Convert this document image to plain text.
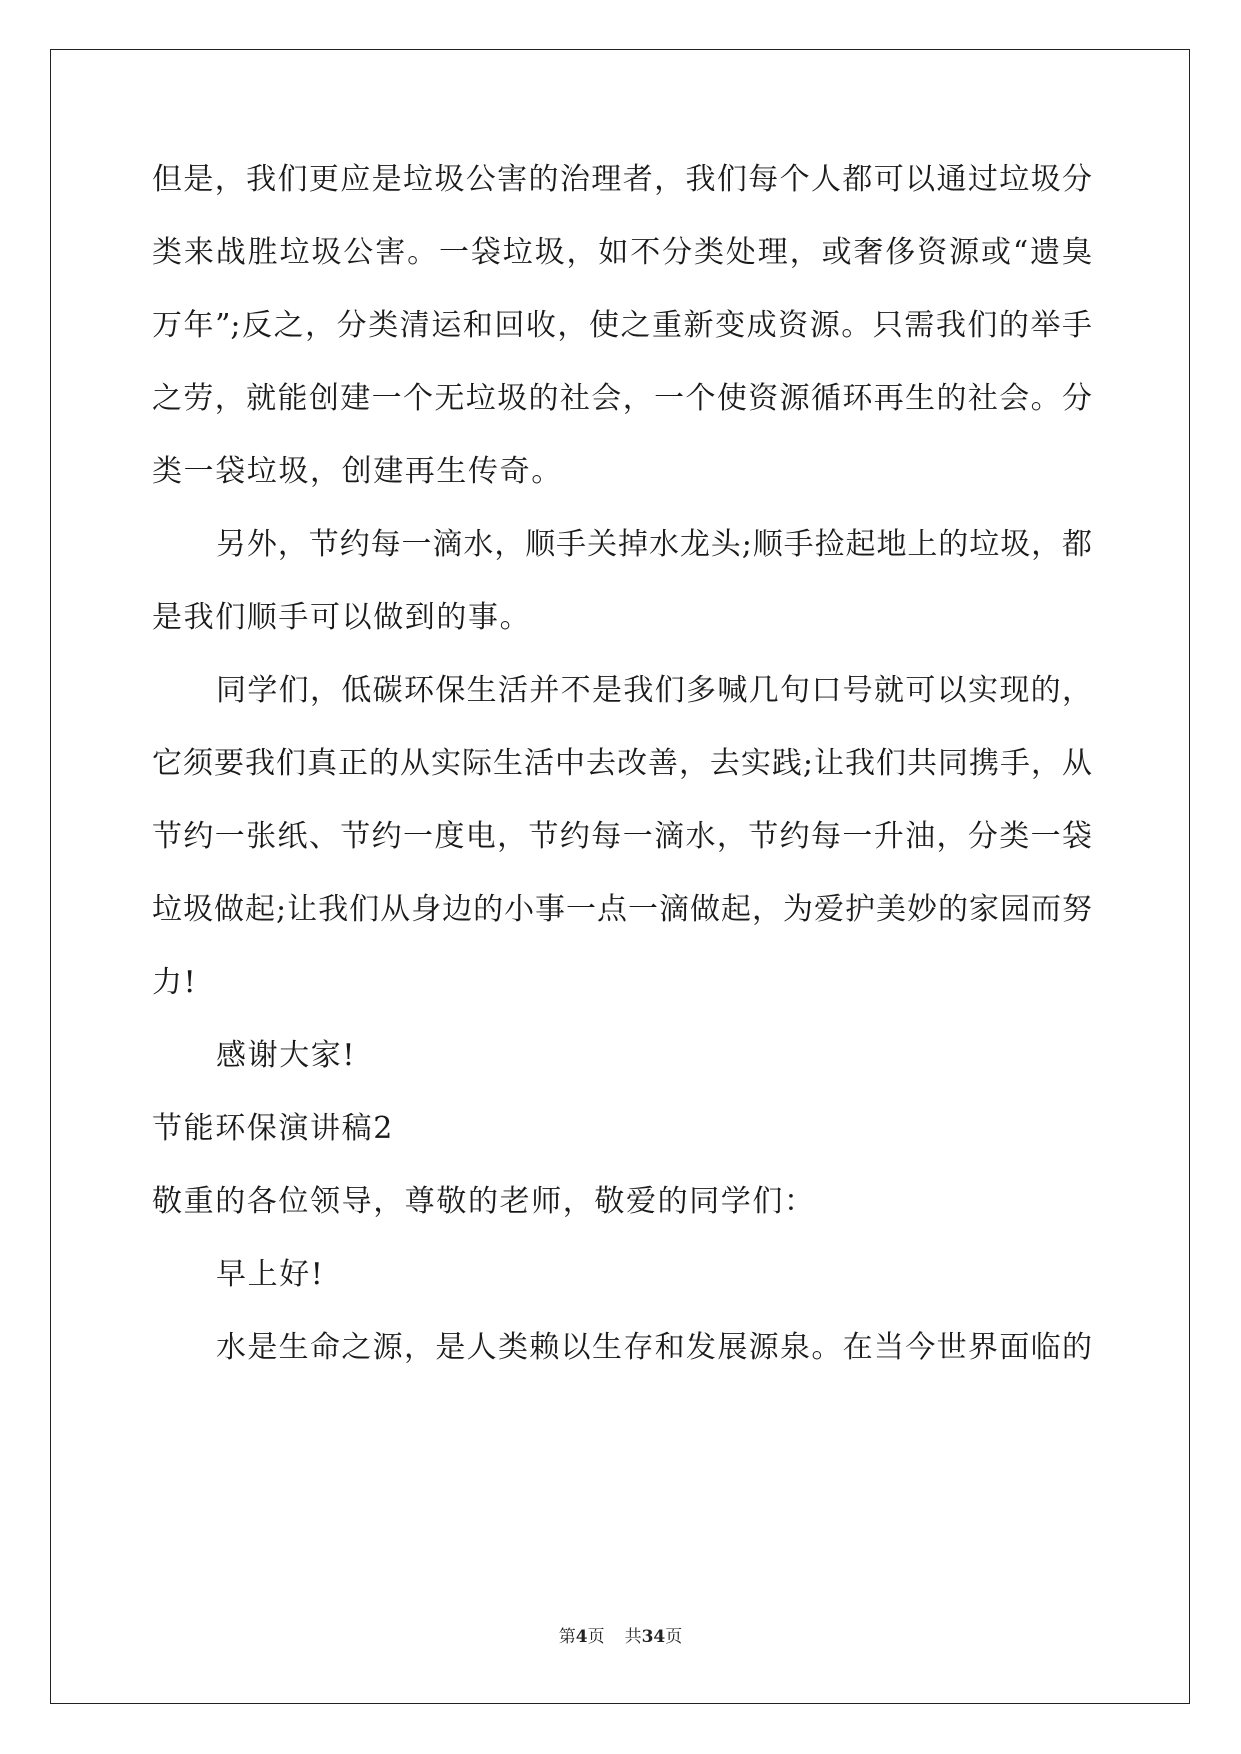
但是，我们更应是垃圾公害的治理者，我们每个人都可以通过垃圾分
类来战胜垃圾公害。一袋垃圾，如不分类处理，或奢侈资源或“遗臭
万年”;反之，分类清运和回收，使之重新变成资源。只需我们的举手
之劳，就能创建一个无垃圾的社会，一个使资源循环再生的社会。分
类一袋垃圾，创建再生传奇。
另外，节约每一滴水，顺手关掉水龙头;顺手捡起地上的垃圾，都
是我们顺手可以做到的事。
同学们，低碳环保生活并不是我们多喊几句口号就可以实现的，
它须要我们真正的从实际生活中去改善，去实践;让我们共同携手，从
节约一张纸、节约一度电，节约每一滴水，节约每一升油，分类一袋
垃圾做起;让我们从身边的小事一点一滴做起，为爱护美妙的家园而努
力!
感谢大家!
节能环保演讲稿2
敬重的各位领导，尊敬的老师，敬爱的同学们：
早上好!
水是生命之源，是人类赖以生存和发展源泉。在当今世界面临的
第4页 共34页
